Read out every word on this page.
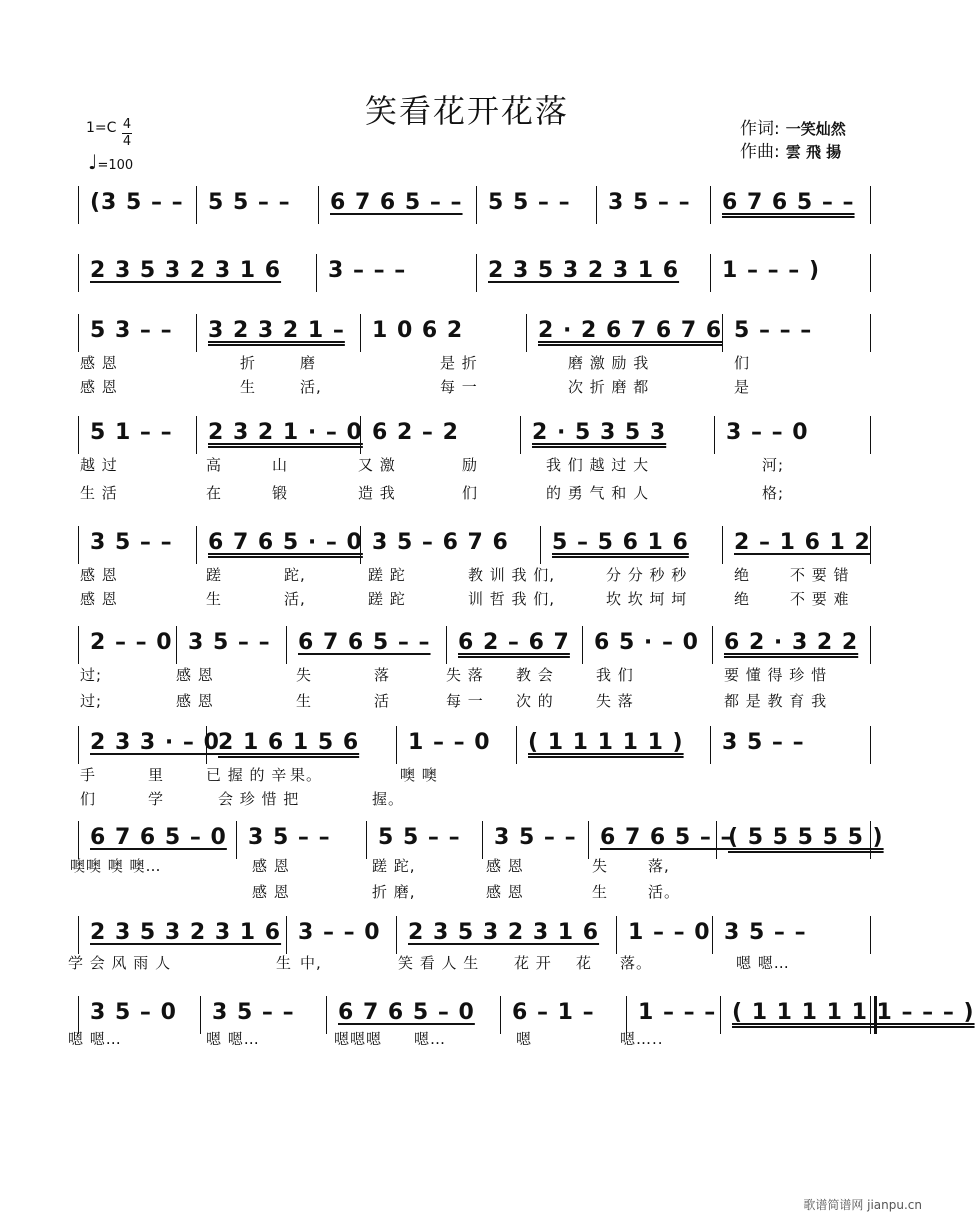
笑看花开花落
1=C 4
4
♩=100
作词: 一笑灿然
作曲: 雲 飛 揚
(3 5 – – 5 5 – – 6 7 6 5 – – 5 5 – – 3 5 – – 6 7 6 5 – –
2 3 5 3 2 3 1 6 3 – – –	2 3 5 3 2 3 1 6 1 – – – )
5 3 – – 3 2 3 2 1 – 1 0 6 2	2 · 2 6 7 6 7 6 5 – – –
感 恩	折	磨	是 折	磨 激 励 我	们
感 恩	生	活,	每 一	次 折 磨 都	是
5 1 – – 2 3 2 1 · – 0 6 2 – 2	2 · 5 3 5 3	3 – – 0
越 过	高	山	又 激	励	我 们 越 过 大	河;
生 活	在	锻	造 我	们	的 勇 气 和 人	格;
3 5 – – 6 7 6 5 · – 0 3 5 – 6 7 6 5 – 5 6 1 6 2 – 1 6 1 2
感 恩	蹉	跎,	蹉 跎	教 训 我 们,	分 分 秒 秒	绝	不 要 错
感 恩	生	活,	蹉 跎	训 哲 我 们,	坎 坎 坷 坷	绝	不 要 难
2 – – 0 3 5 – – 6 7 6 5 – – 6 2 – 6 7 6 5 · – 0 6 2 · 3 2 2
过;	感 恩	失	落	失 落 教 会	我 们	要 懂 得 珍 惜
过;	感 恩	生	活	每 一 次 的	失 落	都 是 教 育 我
2 3 3 · – 0
2 1 6 1 5 6 1 – – 0 ( 1 1 1 1 1 ) 3 5 – –
手	里	已 握 的 辛 果。	噢 噢
们	学	会 珍 惜 把	握。
6 7 6 5 – 0 3 5 – – 5 5 – – 3 5 – – 6 7 6 5 – –
( 5 5 5 5 5 )
噢噢 噢 噢…	感 恩	蹉 跎,	感 恩	失	落,
感 恩	折 磨,	感 恩	生	活。
2 3 5 3 2 3 1 6 3 – – 0 2 3 5 3 2 3 1 6 1 – – 0 3 5 – –
学 会 风 雨 人	生 中,	笑 看 人 生 花 开 花 落。	嗯 嗯…
3 5 – 0 3 5 – – 6 7 6 5 – 0 6 – 1 – 1 – – – ( 1 1 1 1 1 1 – – – )
嗯 嗯…	嗯 嗯…	嗯嗯嗯 嗯…	嗯	嗯…..
歌谱简谱网 jianpu.cn
